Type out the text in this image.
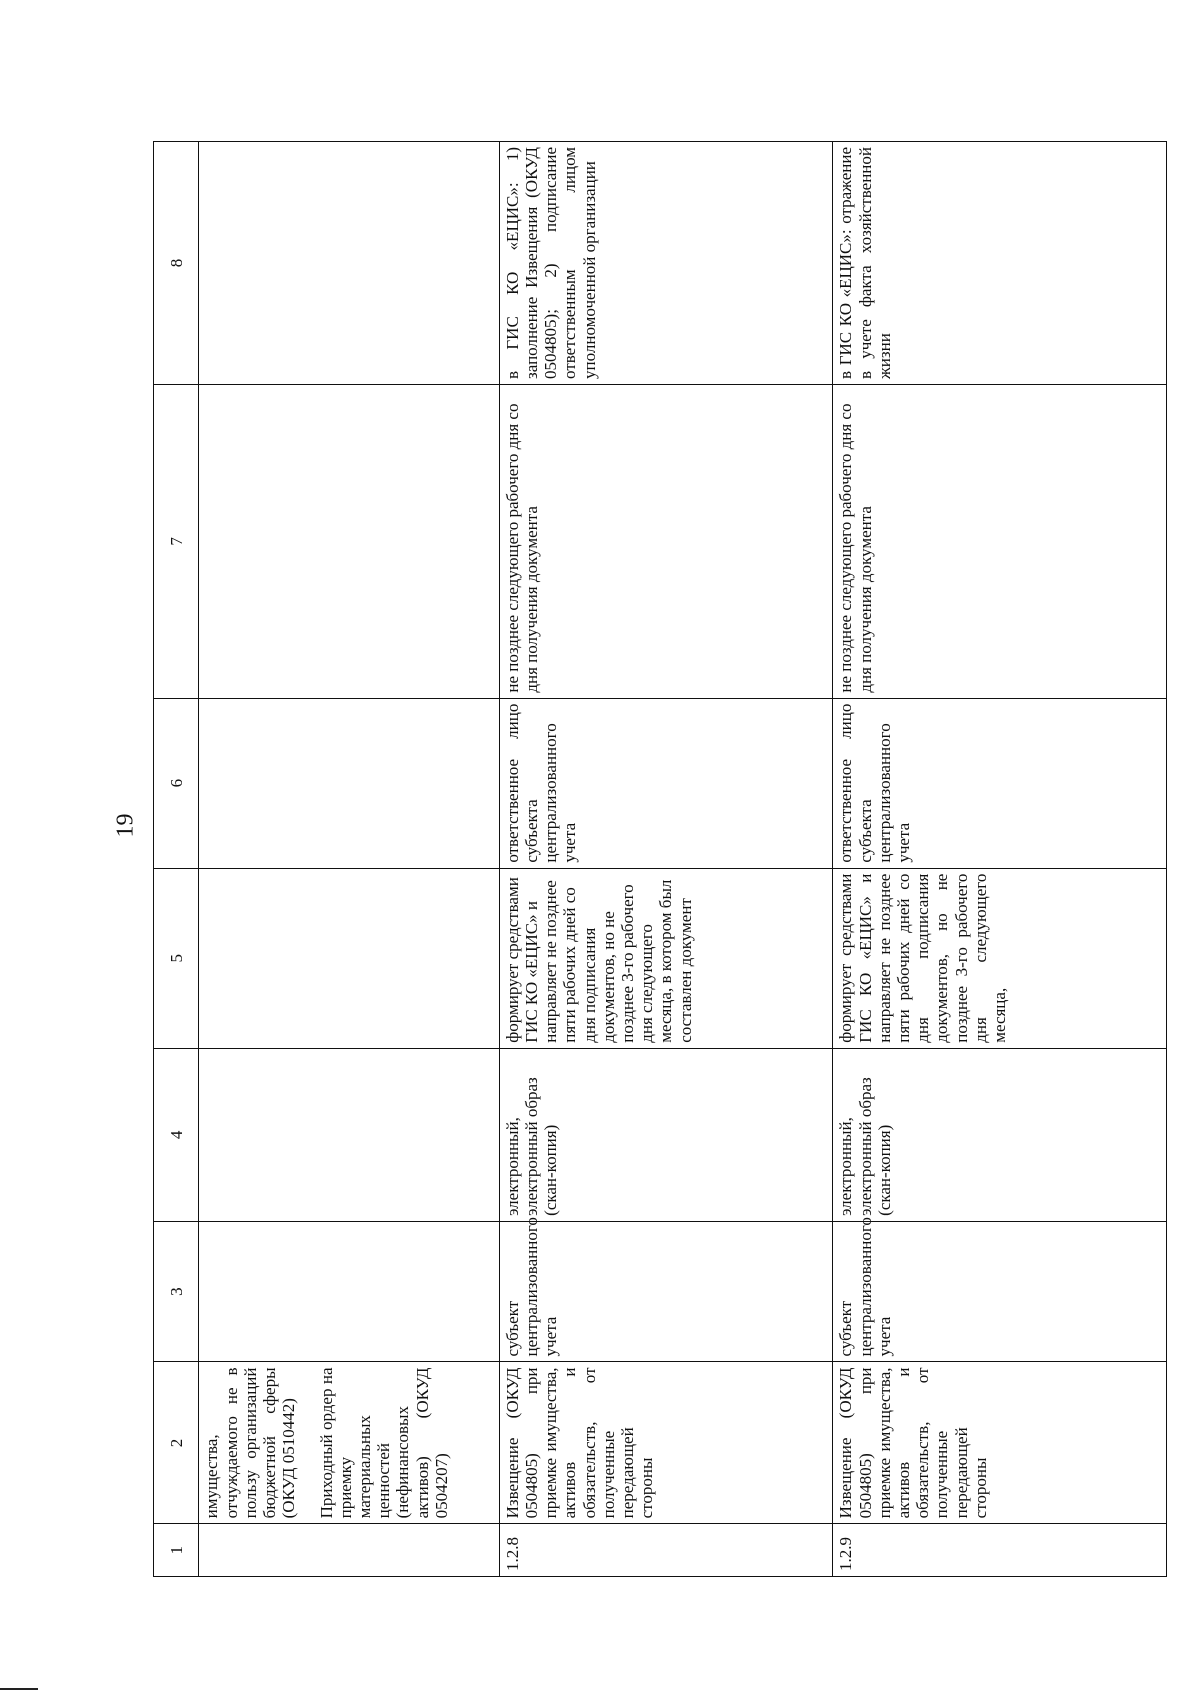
19
1	2	3	4	5	6	7	8

	имущества, отчуждаемого не в пользу организаций бюджетной сферы (ОКУД 0510442) Приходный ордер на приемку материальных ценностей (нефинансовых активов) (ОКУД 0504207)						

1.2.8	Извещение (ОКУД 0504805) при приемке имущества, активов и обязательств, от полученные передающей стороны	субъект централизованного учета	электронный, электронный образ (скан-копия)	формирует средствами ГИС КО «ЕЦИС» и направляет не позднее пяти рабочих дней со дня подписания документов, но не позднее 3-го рабочего дня следующего месяца, в котором был составлен документ	ответственное лицо субъекта централизованного учета	не позднее следующего рабочего дня со дня получения документа	в ГИС КО «ЕЦИС»: 1) заполнение Извещения (ОКУД 0504805); 2) подписание ответственным лицом уполномоченной организации
1.2.9	Извещение (ОКУД 0504805) при приемке имущества, активов и обязательств, от полученные передающей стороны	субъект централизованного учета	электронный, электронный образ (скан-копия)	формирует средствами ГИС КО «ЕЦИС» и направляет не позднее пяти рабочих дней со дня подписания документов, но не позднее 3-го рабочего дня следующего месяца,	ответственное лицо субъекта централизованного учета	не позднее следующего рабочего дня со дня получения документа	в ГИС КО «ЕЦИС»: отражение в учете факта хозяйственной жизни
